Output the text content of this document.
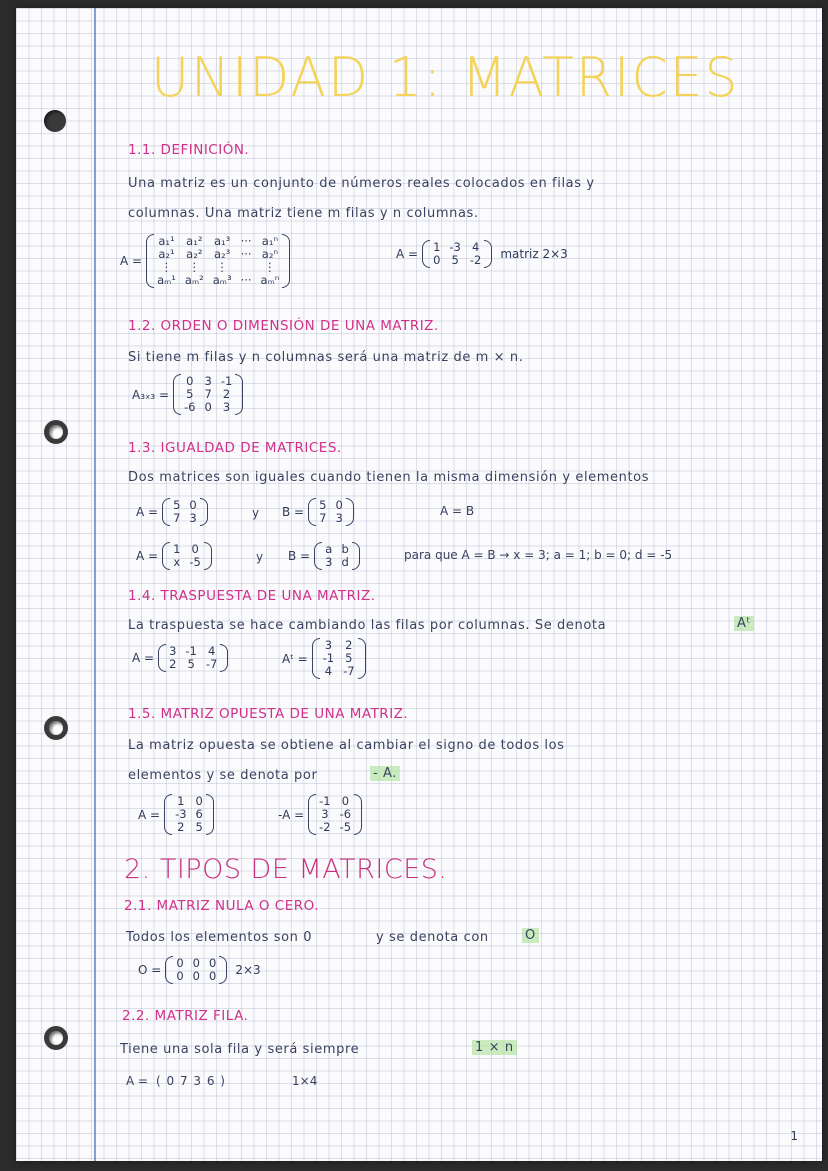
UNIDAD 1: MATRICES
1.1. DEFINICIÓN.
Una matriz es un conjunto de números reales colocados en filas y
columnas. Una matriz tiene m filas y n columnas.
A =
a₁¹ a₁² a₁³ ··· a₁ⁿ
a₂¹ a₂² a₂³ ··· a₂ⁿ
⋮	⋮	⋮	⋮
aₘ¹ aₘ² aₘ³ ··· aₘⁿ
A = 1 -3 4
0 5 -2 matriz 2×3
1.2. ORDEN O DIMENSIÓN DE UNA MATRIZ.
Si tiene m filas y n columnas será una matriz de m × n.
A₃ₓ₃ =
0 3 -1
5 7 2
-6 0 3
1.3. IGUALDAD DE MATRICES.
Dos matrices son iguales cuando tienen la misma dimensión y elementos
A = 5 0
7 3	y B = 5 0
7 3	A = B
A = 1 0
x -5	y B = a b
3 d	para que A = B → x = 3; a = 1; b = 0; d = -5
1.4. TRASPUESTA DE UNA MATRIZ.
La traspuesta se hace cambiando las filas por columnas. Se denota	Aᵗ
A = 3 -1 4
2 5 -7	Aᵗ =
3 2
-1 5
4 -7
1.5. MATRIZ OPUESTA DE UNA MATRIZ.
La matriz opuesta se obtiene al cambiar el signo de todos los
elementos y se denota por	- A.
A =
1 0
-3 6
2 5
-A =
-1 0
3 -6
-2 -5
2. TIPOS DE MATRICES.
2.1. MATRIZ NULA O CERO.
Todos los elementos son 0	y se denota con	O
O = 0 0 0
0 0 0 2×3
2.2. MATRIZ FILA.
Tiene una sola fila y será siempre	1 × n
A = ( 0 7 3 6 )	1×4
1
